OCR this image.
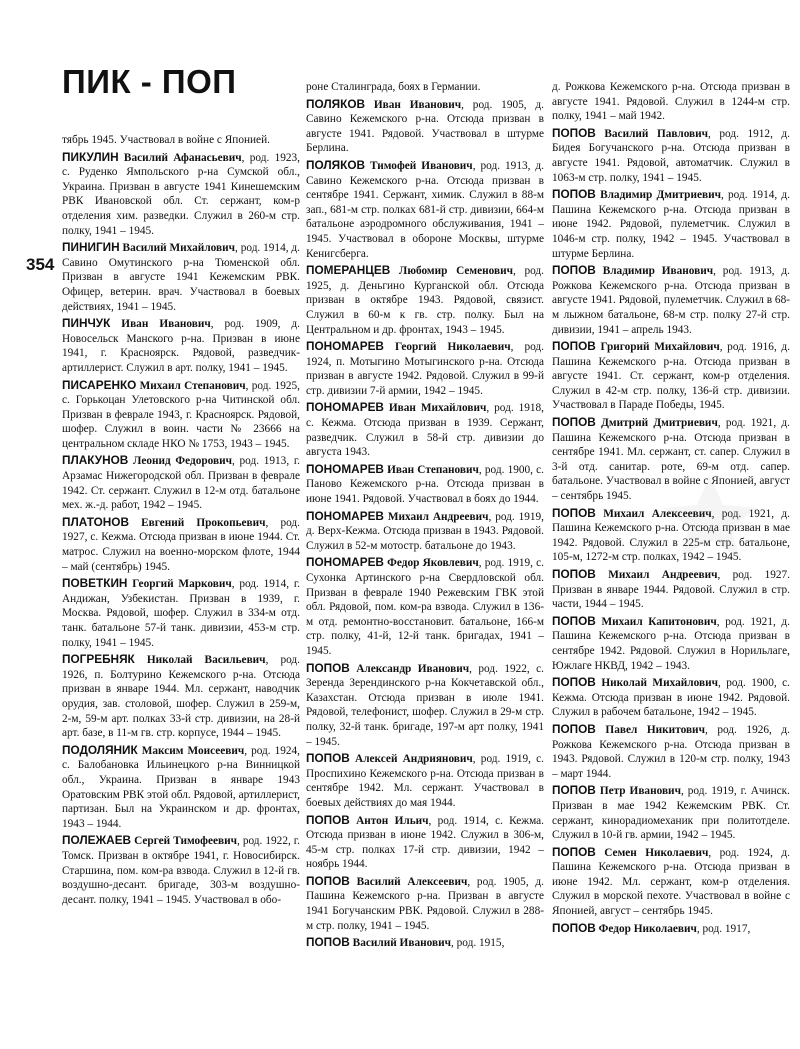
ПИК - ПОП
354
тябрь 1945. Участвовал в войне с Японией.
ПИКУЛИН Василий Афанасьевич, род. 1923, с. Руденко Ямпольского р-на Сумской обл., Украина. Призван в августе 1941 Кинешемским РВК Ивановской обл. Ст. сержант, ком-р отделения хим. разведки. Служил в 260-м стр. полку, 1941 – 1945.
ПИНИГИН Василий Михайлович, род. 1914, д. Савино Омутинского р-на Тюменской обл. Призван в августе 1941 Кежемским РВК. Офицер, ветерин. врач. Участвовал в боевых действиях, 1941 – 1945.
ПИНЧУК Иван Иванович, род. 1909, д. Новосельск Манского р-на. Призван в июне 1941, г. Красноярск. Рядовой, разведчик-артиллерист. Служил в арт. полку, 1941 – 1945.
ПИСАРЕНКО Михаил Степанович, род. 1925, с. Горькоцан Улетовского р-на Читинской обл. Призван в феврале 1943, г. Красноярск. Рядовой, шофер. Служил в воин. части № 23666 на центральном складе НКО № 1753, 1943 – 1945.
ПЛАКУНОВ Леонид Федорович, род. 1913, г. Арзамас Нижегородской обл. Призван в феврале 1942. Ст. сержант. Служил в 12-м отд. батальоне мех. ж.-д. работ, 1942 – 1945.
ПЛАТОНОВ Евгений Прокопьевич, род. 1927, с. Кежма. Отсюда призван в июне 1944. Ст. матрос. Служил на военно-морском флоте, 1944 – май (сентябрь) 1945.
ПОВЕТКИН Георгий Маркович, род. 1914, г. Андижан, Узбекистан. Призван в 1939, г. Москва. Рядовой, шофер. Служил в 334-м отд. танк. батальоне 57-й танк. дивизии, 453-м стр. полку, 1941 – 1945.
ПОГРЕБНЯК Николай Васильевич, род. 1926, п. Болтурино Кежемского р-на. Отсюда призван в январе 1944. Мл. сержант, наводчик орудия, зав. столовой, шофер. Служил в 259-м, 2-м, 59-м арт. полках 33-й стр. дивизии, на 28-й арт. базе, в 11-м гв. стр. корпусе, 1944 – 1945.
ПОДОЛЯНИК Максим Моисеевич, род. 1924, с. Балобановка Ильинецкого р-на Винницкой обл., Украина. Призван в январе 1943 Оратовским РВК этой обл. Рядовой, артиллерист, партизан. Был на Украинском и др. фронтах, 1943 – 1944.
ПОЛЕЖАЕВ Сергей Тимофеевич, род. 1922, г. Томск. Призван в октябре 1941, г. Новосибирск. Старшина, пом. ком-ра взвода. Служил в 12-й гв. воздушно-десант. бригаде, 303-м воздушно-десант. полку, 1941 – 1945. Участвовал в обо-
роне Сталинграда, боях в Германии.
ПОЛЯКОВ Иван Иванович, род. 1905, д. Савино Кежемского р-на. Отсюда призван в августе 1941. Рядовой. Участвовал в штурме Берлина.
ПОЛЯКОВ Тимофей Иванович, род. 1913, д. Савино Кежемского р-на. Отсюда призван в сентябре 1941. Сержант, химик. Служил в 88-м зап., 681-м стр. полках 681-й стр. дивизии, 664-м батальоне аэродромного обслуживания, 1941 – 1945. Участвовал в обороне Москвы, штурме Кенигсберга.
ПОМЕРАНЦЕВ Любомир Семенович, род. 1925, д. Деньгино Курганской обл. Отсюда призван в октябре 1943. Рядовой, связист. Служил в 60-м к гв. стр. полку. Был на Центральном и др. фронтах, 1943 – 1945.
ПОНОМАРЕВ Георгий Николаевич, род. 1924, п. Мотыгино Мотыгинского р-на. Отсюда призван в августе 1942. Рядовой. Служил в 99-й стр. дивизии 7-й армии, 1942 – 1945.
ПОНОМАРЕВ Иван Михайлович, род. 1918, с. Кежма. Отсюда призван в 1939. Сержант, разведчик. Служил в 58-й стр. дивизии до августа 1943.
ПОНОМАРЕВ Иван Степанович, род. 1900, с. Паново Кежемского р-на. Отсюда призван в июне 1941. Рядовой. Участвовал в боях до 1944.
ПОНОМАРЕВ Михаил Андреевич, род. 1919, д. Верх-Кежма. Отсюда призван в 1943. Рядовой. Служил в 52-м мотостр. батальоне до 1943.
ПОНОМАРЕВ Федор Яковлевич, род. 1919, с. Сухонка Артинского р-на Свердловской обл. Призван в феврале 1940 Режевским ГВК этой обл. Рядовой, пом. ком-ра взвода. Служил в 136-м отд. ремонтно-восстановит. батальоне, 166-м стр. полку, 41-й, 12-й танк. бригадах, 1941 – 1945.
ПОПОВ Александр Иванович, род. 1922, с. Зеренда Зерендинского р-на Кокчетавской обл., Казахстан. Отсюда призван в июле 1941. Рядовой, телефонист, шофер. Служил в 29-м стр. полку, 32-й танк. бригаде, 197-м арт полку, 1941 – 1945.
ПОПОВ Алексей Андриянович, род. 1919, с. Проспихино Кежемского р-на. Отсюда призван в сентябре 1942. Мл. сержант. Участвовал в боевых действиях до мая 1944.
ПОПОВ Антон Ильич, род. 1914, с. Кежма. Отсюда призван в июне 1942. Служил в 306-м, 45-м стр. полках 17-й стр. дивизии, 1942 – ноябрь 1944.
ПОПОВ Василий Алексеевич, род. 1905, д. Пашина Кежемского р-на. Призван в августе 1941 Богучанским РВК. Рядовой. Служил в 288-м стр. полку, 1941 – 1945.
ПОПОВ Василий Иванович, род. 1915,
д. Рожкова Кежемского р-на. Отсюда призван в августе 1941. Рядовой. Служил в 1244-м стр. полку, 1941 – май 1942.
ПОПОВ Василий Павлович, род. 1912, д. Бидея Богучанского р-на. Отсюда призван в августе 1941. Рядовой, автоматчик. Служил в 1063-м стр. полку, 1941 – 1945.
ПОПОВ Владимир Дмитриевич, род. 1914, д. Пашина Кежемского р-на. Отсюда призван в июне 1942. Рядовой, пулеметчик. Служил в 1046-м стр. полку, 1942 – 1945. Участвовал в штурме Берлина.
ПОПОВ Владимир Иванович, род. 1913, д. Рожкова Кежемского р-на. Отсюда призван в августе 1941. Рядовой, пулеметчик. Служил в 68-м лыжном батальоне, 68-м стр. полку 27-й стр. дивизии, 1941 – апрель 1943.
ПОПОВ Григорий Михайлович, род. 1916, д. Пашина Кежемского р-на. Отсюда призван в августе 1941. Ст. сержант, ком-р отделения. Служил в 42-м стр. полку, 136-й стр. дивизии. Участвовал в Параде Победы, 1945.
ПОПОВ Дмитрий Дмитриевич, род. 1921, д. Пашина Кежемского р-на. Отсюда призван в сентябре 1941. Мл. сержант, ст. сапер. Служил в 3-й отд. санитар. роте, 69-м отд. сапер. батальоне. Участвовал в войне с Японией, август – сентябрь 1945.
ПОПОВ Михаил Алексеевич, род. 1921, д. Пашина Кежемского р-на. Отсюда призван в мае 1942. Рядовой. Служил в 225-м стр. батальоне, 105-м, 1272-м стр. полках, 1942 – 1945.
ПОПОВ Михаил Андреевич, род. 1927. Призван в январе 1944. Рядовой. Служил в стр. части, 1944 – 1945.
ПОПОВ Михаил Капитонович, род. 1921, д. Пашина Кежемского р-на. Отсюда призван в сентябре 1942. Рядовой. Служил в Норильлаге, Южлаге НКВД, 1942 – 1943.
ПОПОВ Николай Михайлович, род. 1900, с. Кежма. Отсюда призван в июне 1942. Рядовой. Служил в рабочем батальоне, 1942 – 1945.
ПОПОВ Павел Никитович, род. 1926, д. Рожкова Кежемского р-на. Отсюда призван в 1943. Рядовой. Служил в 120-м стр. полку, 1943 – март 1944.
ПОПОВ Петр Иванович, род. 1919, г. Ачинск. Призван в мае 1942 Кежемским РВК. Ст. сержант, кинорадиомеханик при политотделе. Служил в 10-й гв. армии, 1942 – 1945.
ПОПОВ Семен Николаевич, род. 1924, д. Пашина Кежемского р-на. Отсюда призван в июне 1942. Мл. сержант, ком-р отделения. Служил в морской пехоте. Участвовал в войне с Японией, август – сентябрь 1945.
ПОПОВ Федор Николаевич, род. 1917,
